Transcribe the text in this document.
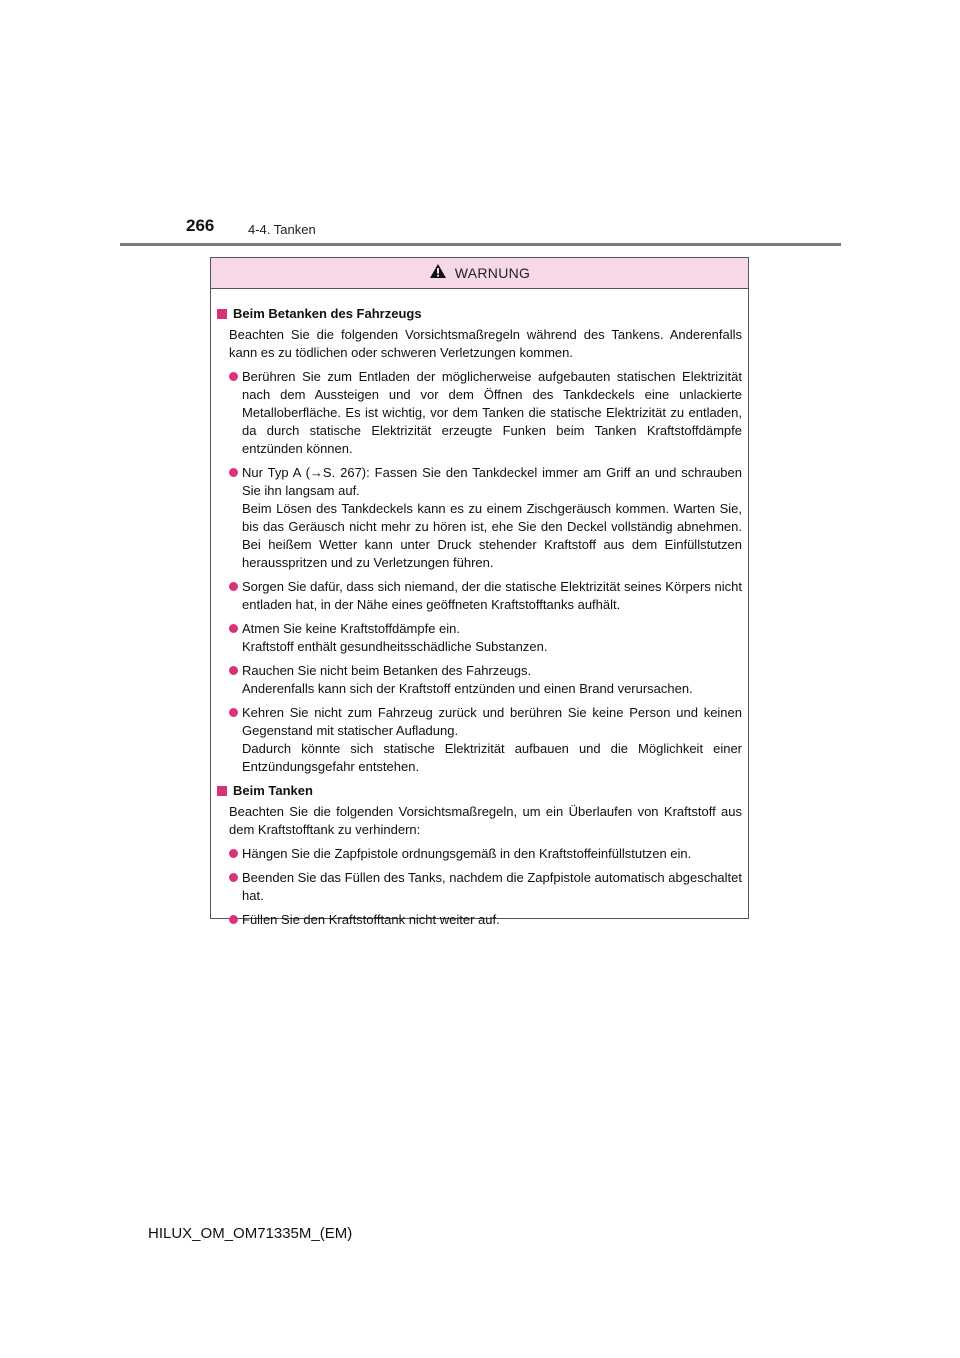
266	4-4. Tanken
WARNUNG
Beim Betanken des Fahrzeugs
Beachten Sie die folgenden Vorsichtsmaßregeln während des Tankens. Anderenfalls kann es zu tödlichen oder schweren Verletzungen kommen.
Berühren Sie zum Entladen der möglicherweise aufgebauten statischen Elektrizität nach dem Aussteigen und vor dem Öffnen des Tankdeckels eine unlackierte Metalloberfläche. Es ist wichtig, vor dem Tanken die statische Elektrizität zu entladen, da durch statische Elektrizität erzeugte Funken beim Tanken Kraftstoffdämpfe entzünden können.
Nur Typ A (→S. 267): Fassen Sie den Tankdeckel immer am Griff an und schrauben Sie ihn langsam auf.
Beim Lösen des Tankdeckels kann es zu einem Zischgeräusch kommen. Warten Sie, bis das Geräusch nicht mehr zu hören ist, ehe Sie den Deckel vollständig abnehmen. Bei heißem Wetter kann unter Druck stehender Kraftstoff aus dem Einfüllstutzen herausspritzen und zu Verletzungen führen.
Sorgen Sie dafür, dass sich niemand, der die statische Elektrizität seines Körpers nicht entladen hat, in der Nähe eines geöffneten Kraftstofftanks aufhält.
Atmen Sie keine Kraftstoffdämpfe ein.
Kraftstoff enthält gesundheitsschädliche Substanzen.
Rauchen Sie nicht beim Betanken des Fahrzeugs.
Anderenfalls kann sich der Kraftstoff entzünden und einen Brand verursachen.
Kehren Sie nicht zum Fahrzeug zurück und berühren Sie keine Person und keinen Gegenstand mit statischer Aufladung.
Dadurch könnte sich statische Elektrizität aufbauen und die Möglichkeit einer Entzündungsgefahr entstehen.
Beim Tanken
Beachten Sie die folgenden Vorsichtsmaßregeln, um ein Überlaufen von Kraftstoff aus dem Kraftstofftank zu verhindern:
Hängen Sie die Zapfpistole ordnungsgemäß in den Kraftstoffeinfüllstutzen ein.
Beenden Sie das Füllen des Tanks, nachdem die Zapfpistole automatisch abgeschaltet hat.
Füllen Sie den Kraftstofftank nicht weiter auf.
HILUX_OM_OM71335M_(EM)
